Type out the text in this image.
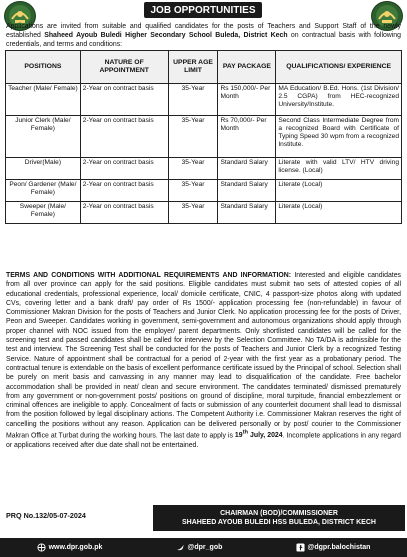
JOB OPPORTUNITIES
Applications are invited from suitable and qualified candidates for the posts of Teachers and Support Staff of the newly established Shaheed Ayoub Buledi Higher Secondary School Buleda, District Kech on contractual basis with following credentials, and terms and conditions:
POSITIONS	NATURE OF APPOINTMENT	UPPER AGE LIMIT	PAY PACKAGE	QUALIFICATIONS/ EXPERIENCE
Teacher (Male/ Female)	2-Year on contract basis	35-Year	Rs 150,000/- Per Month	MA Education/ B.Ed. Hons. (1st Division/ 2.5 CGPA) from HEC-recognized University/Institute.
Junior Clerk (Male/ Female)	2-Year on contract basis	35-Year	Rs 70,000/- Per Month	Second Class Intermediate Degree from a recognized Board with Certificate of Typing Speed 30 wpm from a recognized Institute.
Driver(Male)	2-Year on contract basis	35-Year	Standard Salary	Literate with valid LTV/ HTV driving license. (Local)
Peon/ Gardener (Male/ Female)	2-Year on contract basis	35-Year	Standard Salary	Literate (Local)
Sweeper (Male/ Female)	2-Year on contract basis	35-Year	Standard Salary	Literate (Local)
TERMS AND CONDITIONS WITH ADDITIONAL REQUIREMENTS AND INFORMATION: Interested and eligible candidates from all over province can apply for the said positions. Eligible candidates must submit two sets of attested copies of all educational credentials, professional experience, local/ domicile certificate, CNIC, 4 passport-size photos along with updated CVs, covering letter and a bank draft/ pay order of Rs 1500/- application processing fee (non-refundable) in favour of Commissioner Makran Division for the posts of Teachers and Junior Clerk. No application processing fee for the posts of Driver, Peon and Sweeper. Candidates working in government, semi-government and autonomous organizations should apply through proper channel with NOC issued from the employer/ parent departments. Only shortlisted candidates will be called for the screening test and passed candidates shall be called for interview by the Selection Committee. No TA/DA is admissible for the test and interview. The Screening Test shall be conducted for the posts of Teachers and Junior Clerk by a recognized Testing Service. Nature of appointment shall be contractual for a period of 2-year with the first year as a probationary period. The contractual tenure is extendable on the basis of excellent performance certificate issued by the Principal of school. Selection shall be purely on merit basis and canvassing in any manner may lead to disqualification of the candidate. Free bachelor accommodation shall be provided in neat/ clean and secure environment. The candidates terminated/ dismissed prematurely from any government or non-government posts/ positions on ground of discipline, moral turpitude, financial embezzlement or criminal offences are ineligible to apply. Concealment of facts or submission of any counterfeit document shall lead to dismissal from the position followed by legal disciplinary actions. The Competent Authority i.e. Commissioner Makran reserves the right of cancelling the positions without any reason. Application can be delivered personally or by post/ courier to the Commissioner Makran Office at Turbat during the working hours. The last date to apply is 19th July, 2024. Incomplete applications in any regard or applications received after due date shall not be entertained.
PRQ No.132/05-07-2024	CHAIRMAN (BOD)/COMMISSIONER
SHAHEED AYOUB BULEDI HSS BULEDA, DISTRICT KECH
www.dpr.gob.pk	@dpr_gob	@dgpr.balochistan
